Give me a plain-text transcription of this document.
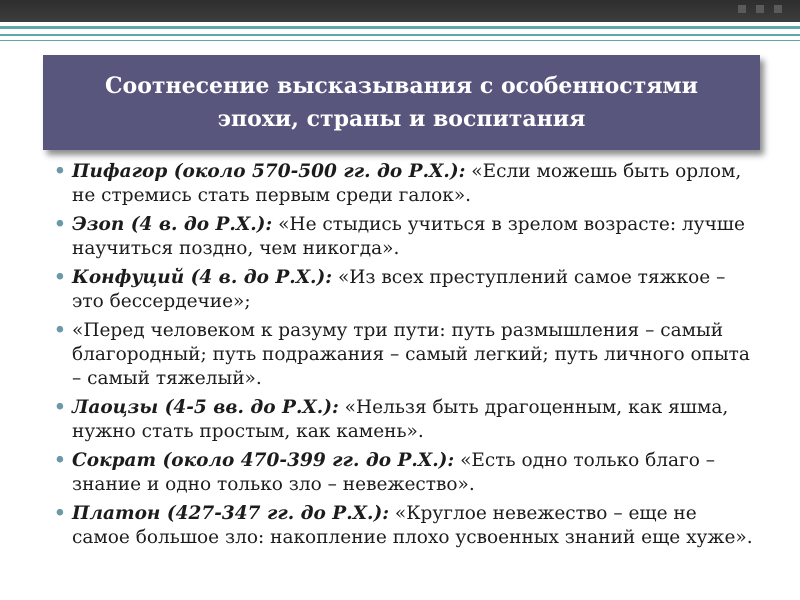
Соотнесение высказывания с особенностями
эпохи, страны и воспитания

• Пифагор (около 570-500 гг. до Р.Х.): «Если можешь быть орлом, не стремись стать первым среди галок».
• Эзоп (4 в. до Р.Х.): «Не стыдись учиться в зрелом возрасте: лучше научиться поздно, чем никогда».
• Конфуций (4 в. до Р.Х.): «Из всех преступлений самое тяжкое – это бессердечие»;
• «Перед человеком к разуму три пути: путь размышления – самый благородный; путь подражания – самый легкий; путь личного опыта – самый тяжелый».
• Лаоцзы (4-5 вв. до Р.Х.): «Нельзя быть драгоценным, как яшма, нужно стать простым, как камень».
• Сократ (около 470-399 гг. до Р.Х.): «Есть одно только благо – знание и одно только зло – невежество».
• Платон (427-347 гг. до Р.Х.): «Круглое невежество – еще не самое большое зло: накопление плохо усвоенных знаний еще хуже».
